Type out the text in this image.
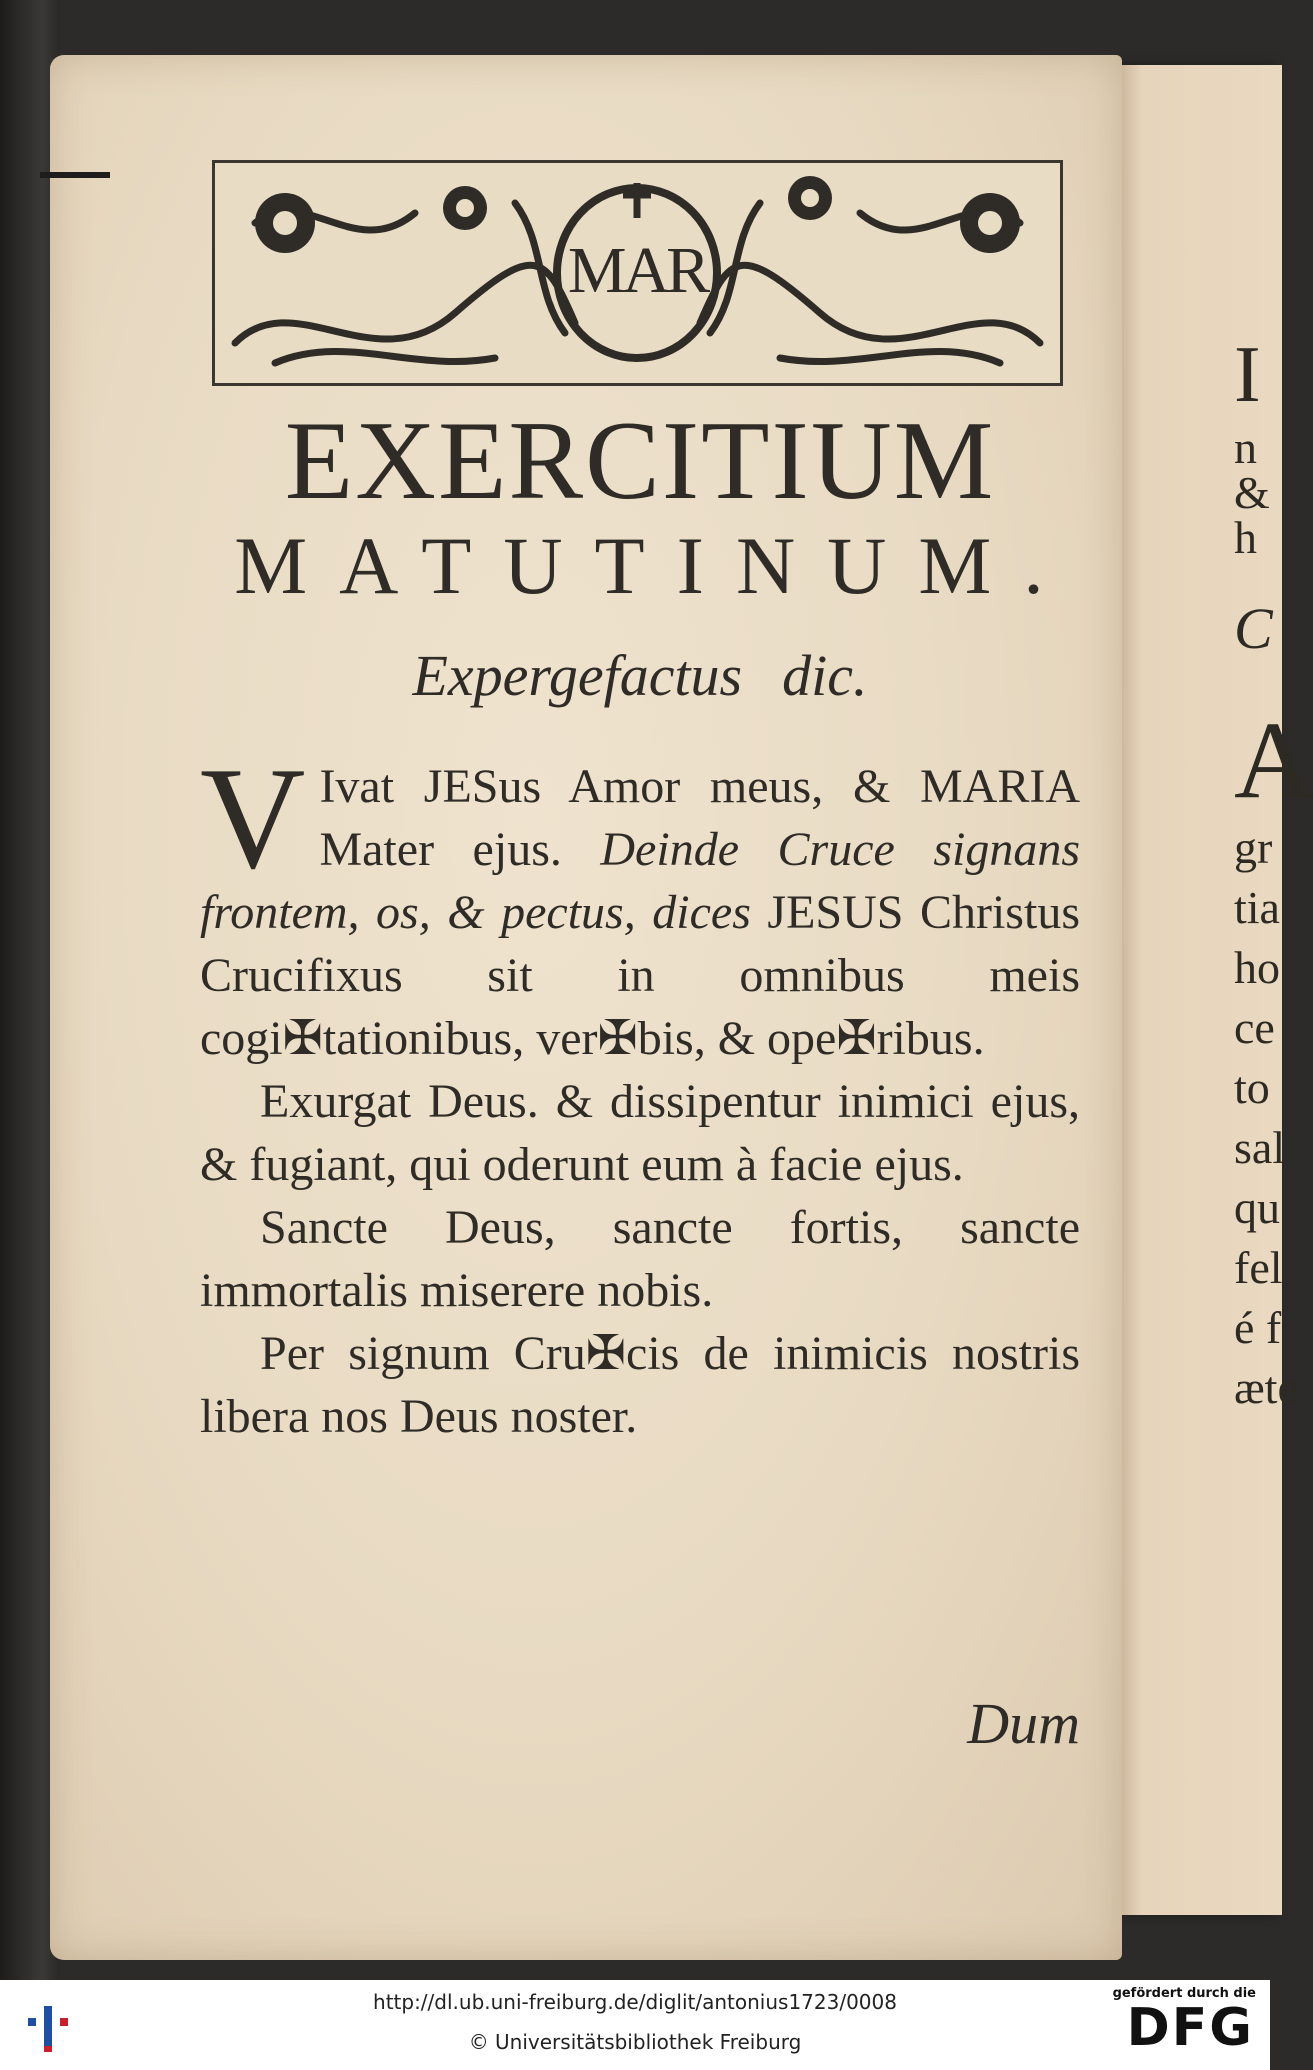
I
n
&
h
C
A
gr
tia
ho
ce
to
sal
qu
fel
é f
æte
MAR
EXERCITIUM
MATUTINUM.
Expergefactus dic.

V Ivat JESus Amor meus, & MARIA Mater ejus. Deinde Cruce signans frontem, os, & pectus, dices JESUS Christus Crucifixus sit in omnibus meis cogi✠tationibus, ver✠bis, & ope✠ribus.

Exurgat Deus. & dissipentur inimici ejus, & fugiant, qui oderunt eum à facie ejus.

Sancte Deus, sancte fortis, sancte immortalis miserere nobis.

Per signum Cru✠cis de inimicis nostris libera nos Deus noster.

Dum
http://dl.ub.uni-freiburg.de/diglit/antonius1723/0008
© Universitätsbibliothek Freiburg
gefördert durch die
DFG
